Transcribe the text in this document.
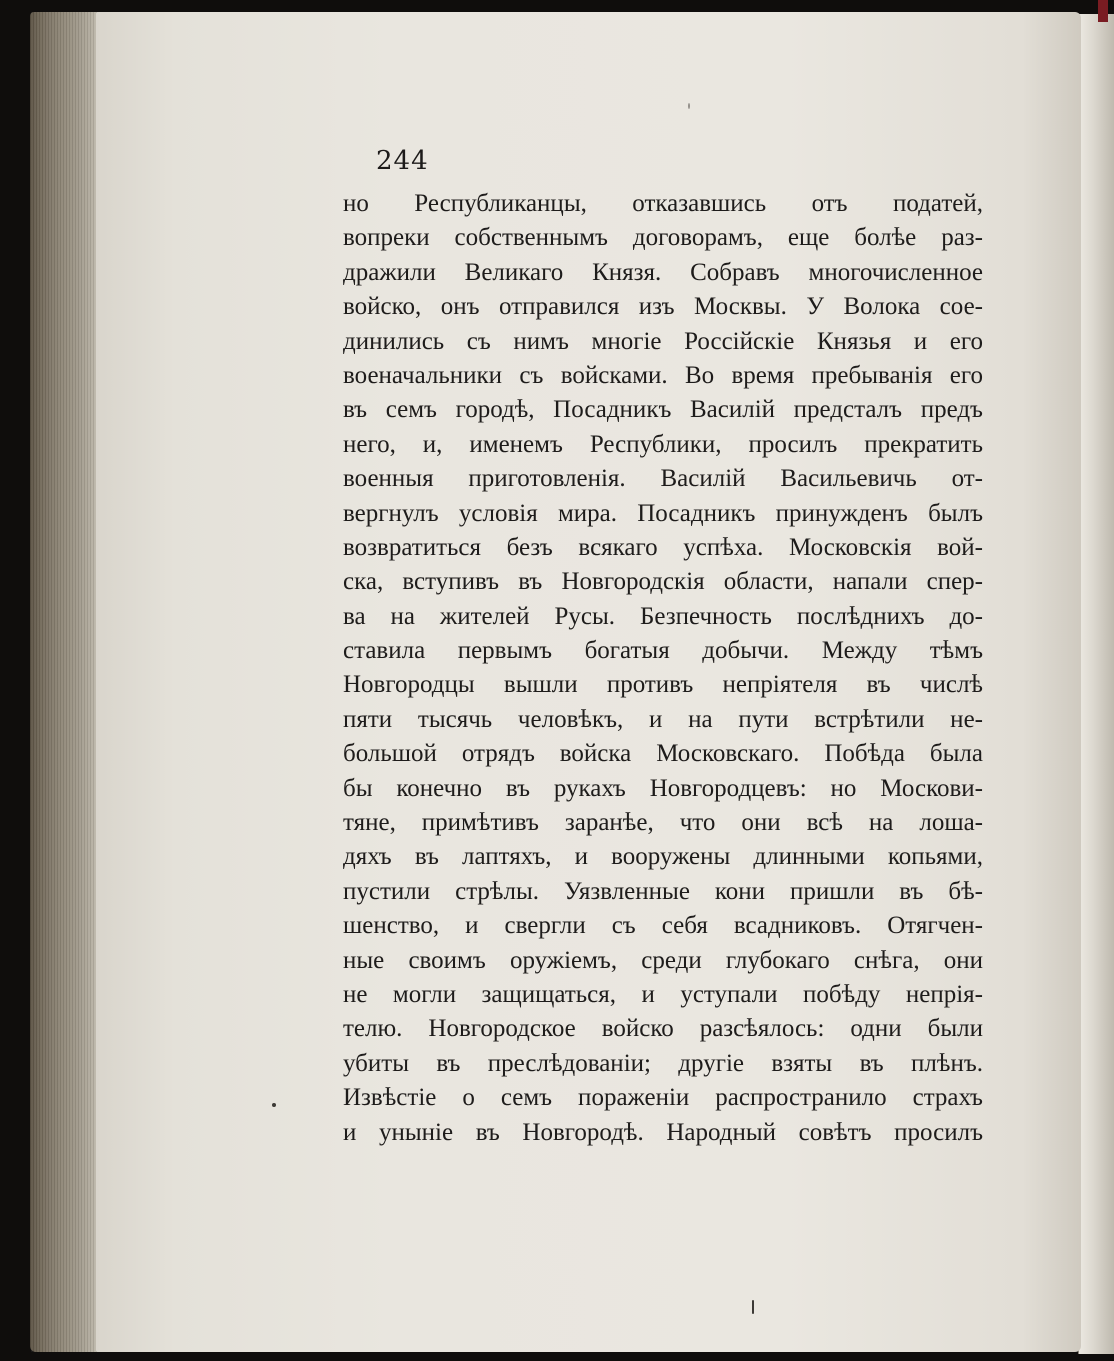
244
но Республиканцы, отказавшись отъ податей,
вопреки собственнымъ договорамъ, еще болѣе раз-
дражили Великаго Князя. Собравъ многочисленное
войско, онъ отправился изъ Москвы. У Волока сое-
динились съ нимъ многіе Россійскіе Князья и его
военачальники съ войсками. Во время пребыванія его
въ семъ городѣ, Посадникъ Василій предсталъ предъ
него, и, именемъ Республики, просилъ прекратить
военныя приготовленія. Василій Васильевичь от-
вергнулъ условія мира. Посадникъ принужденъ былъ
возвратиться безъ всякаго успѣха. Московскія вой-
ска, вступивъ въ Новгородскія области, напали спер-
ва на жителей Русы. Безпечность послѣднихъ до-
ставила первымъ богатыя добычи. Между тѣмъ
Новгородцы вышли противъ непріятеля въ числѣ
пяти тысячь человѣкъ, и на пути встрѣтили не-
большой отрядъ войска Московскаго. Побѣда была
бы конечно въ рукахъ Новгородцевъ: но Москови-
тяне, примѣтивъ заранѣе, что они всѣ на лоша-
дяхъ въ лаптяхъ, и вооружены длинными копьями,
пустили стрѣлы. Уязвленные кони пришли въ бѣ-
шенство, и свергли съ себя всадниковъ. Отягчен-
ные своимъ оружіемъ, среди глубокаго снѣга, они
не могли защищаться, и уступали побѣду непрія-
телю. Новгородское войско разсѣялось: одни были
убиты въ преслѣдованіи; другіе взяты въ плѣнъ.
Извѣстіе о семъ пораженіи распространило страхъ
и уныніе въ Новгородѣ. Народный совѣтъ просилъ
